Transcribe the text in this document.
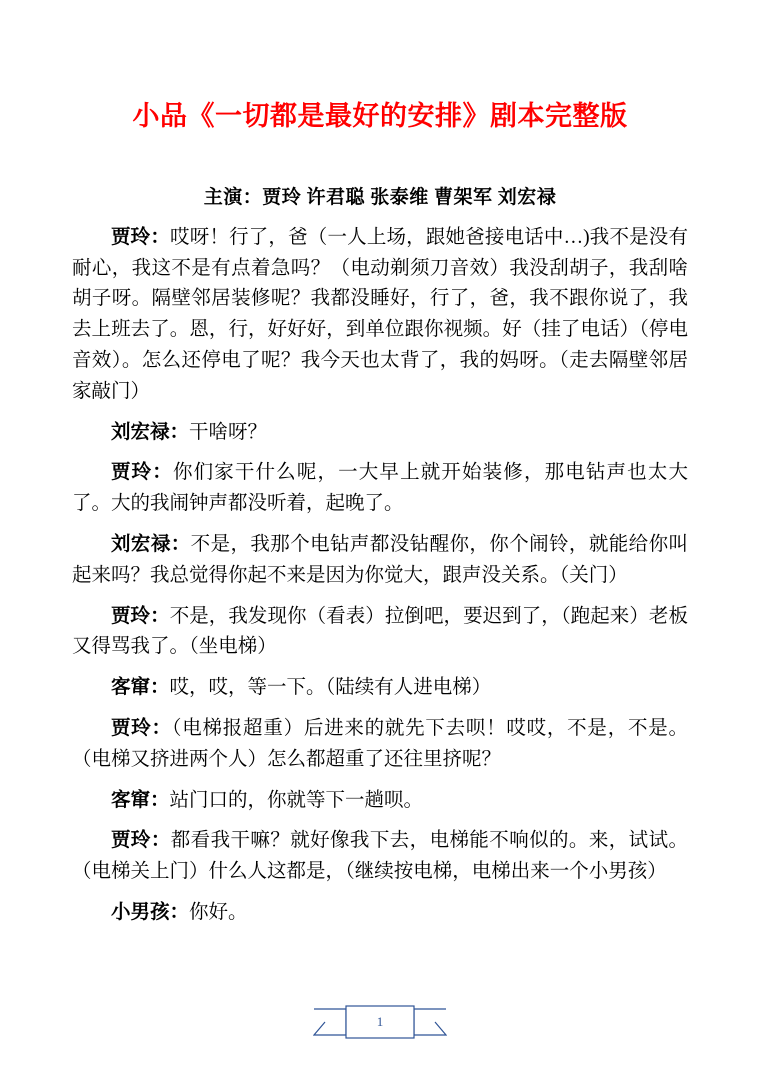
小品《一切都是最好的安排》剧本完整版
主演：贾玲 许君聪 张泰维 曹架军 刘宏禄

贾玲：哎呀！行了，爸（一人上场，跟她爸接电话中…)我不是没有耐心，我这不是有点着急吗？（电动剃须刀音效）我没刮胡子，我刮啥胡子呀。隔壁邻居装修呢？我都没睡好，行了，爸，我不跟你说了，我去上班去了。恩，行，好好好，到单位跟你视频。好（挂了电话）（停电音效）。怎么还停电了呢？我今天也太背了，我的妈呀。（走去隔壁邻居家敲门）

刘宏禄：干啥呀？

贾玲：你们家干什么呢，一大早上就开始装修，那电钻声也太大了。大的我闹钟声都没听着，起晚了。

刘宏禄：不是，我那个电钻声都没钻醒你，你个闹铃，就能给你叫起来吗？我总觉得你起不来是因为你觉大，跟声没关系。（关门）

贾玲：不是，我发现你（看表）拉倒吧，要迟到了，（跑起来）老板又得骂我了。（坐电梯）

客窜：哎，哎，等一下。（陆续有人进电梯）

贾玲：（电梯报超重）后进来的就先下去呗！哎哎，不是，不是。（电梯又挤进两个人）怎么都超重了还往里挤呢？

客窜：站门口的，你就等下一趟呗。

贾玲：都看我干嘛？就好像我下去，电梯能不响似的。来，试试。（电梯关上门）什么人这都是，（继续按电梯，电梯出来一个小男孩）

小男孩：你好。

1
